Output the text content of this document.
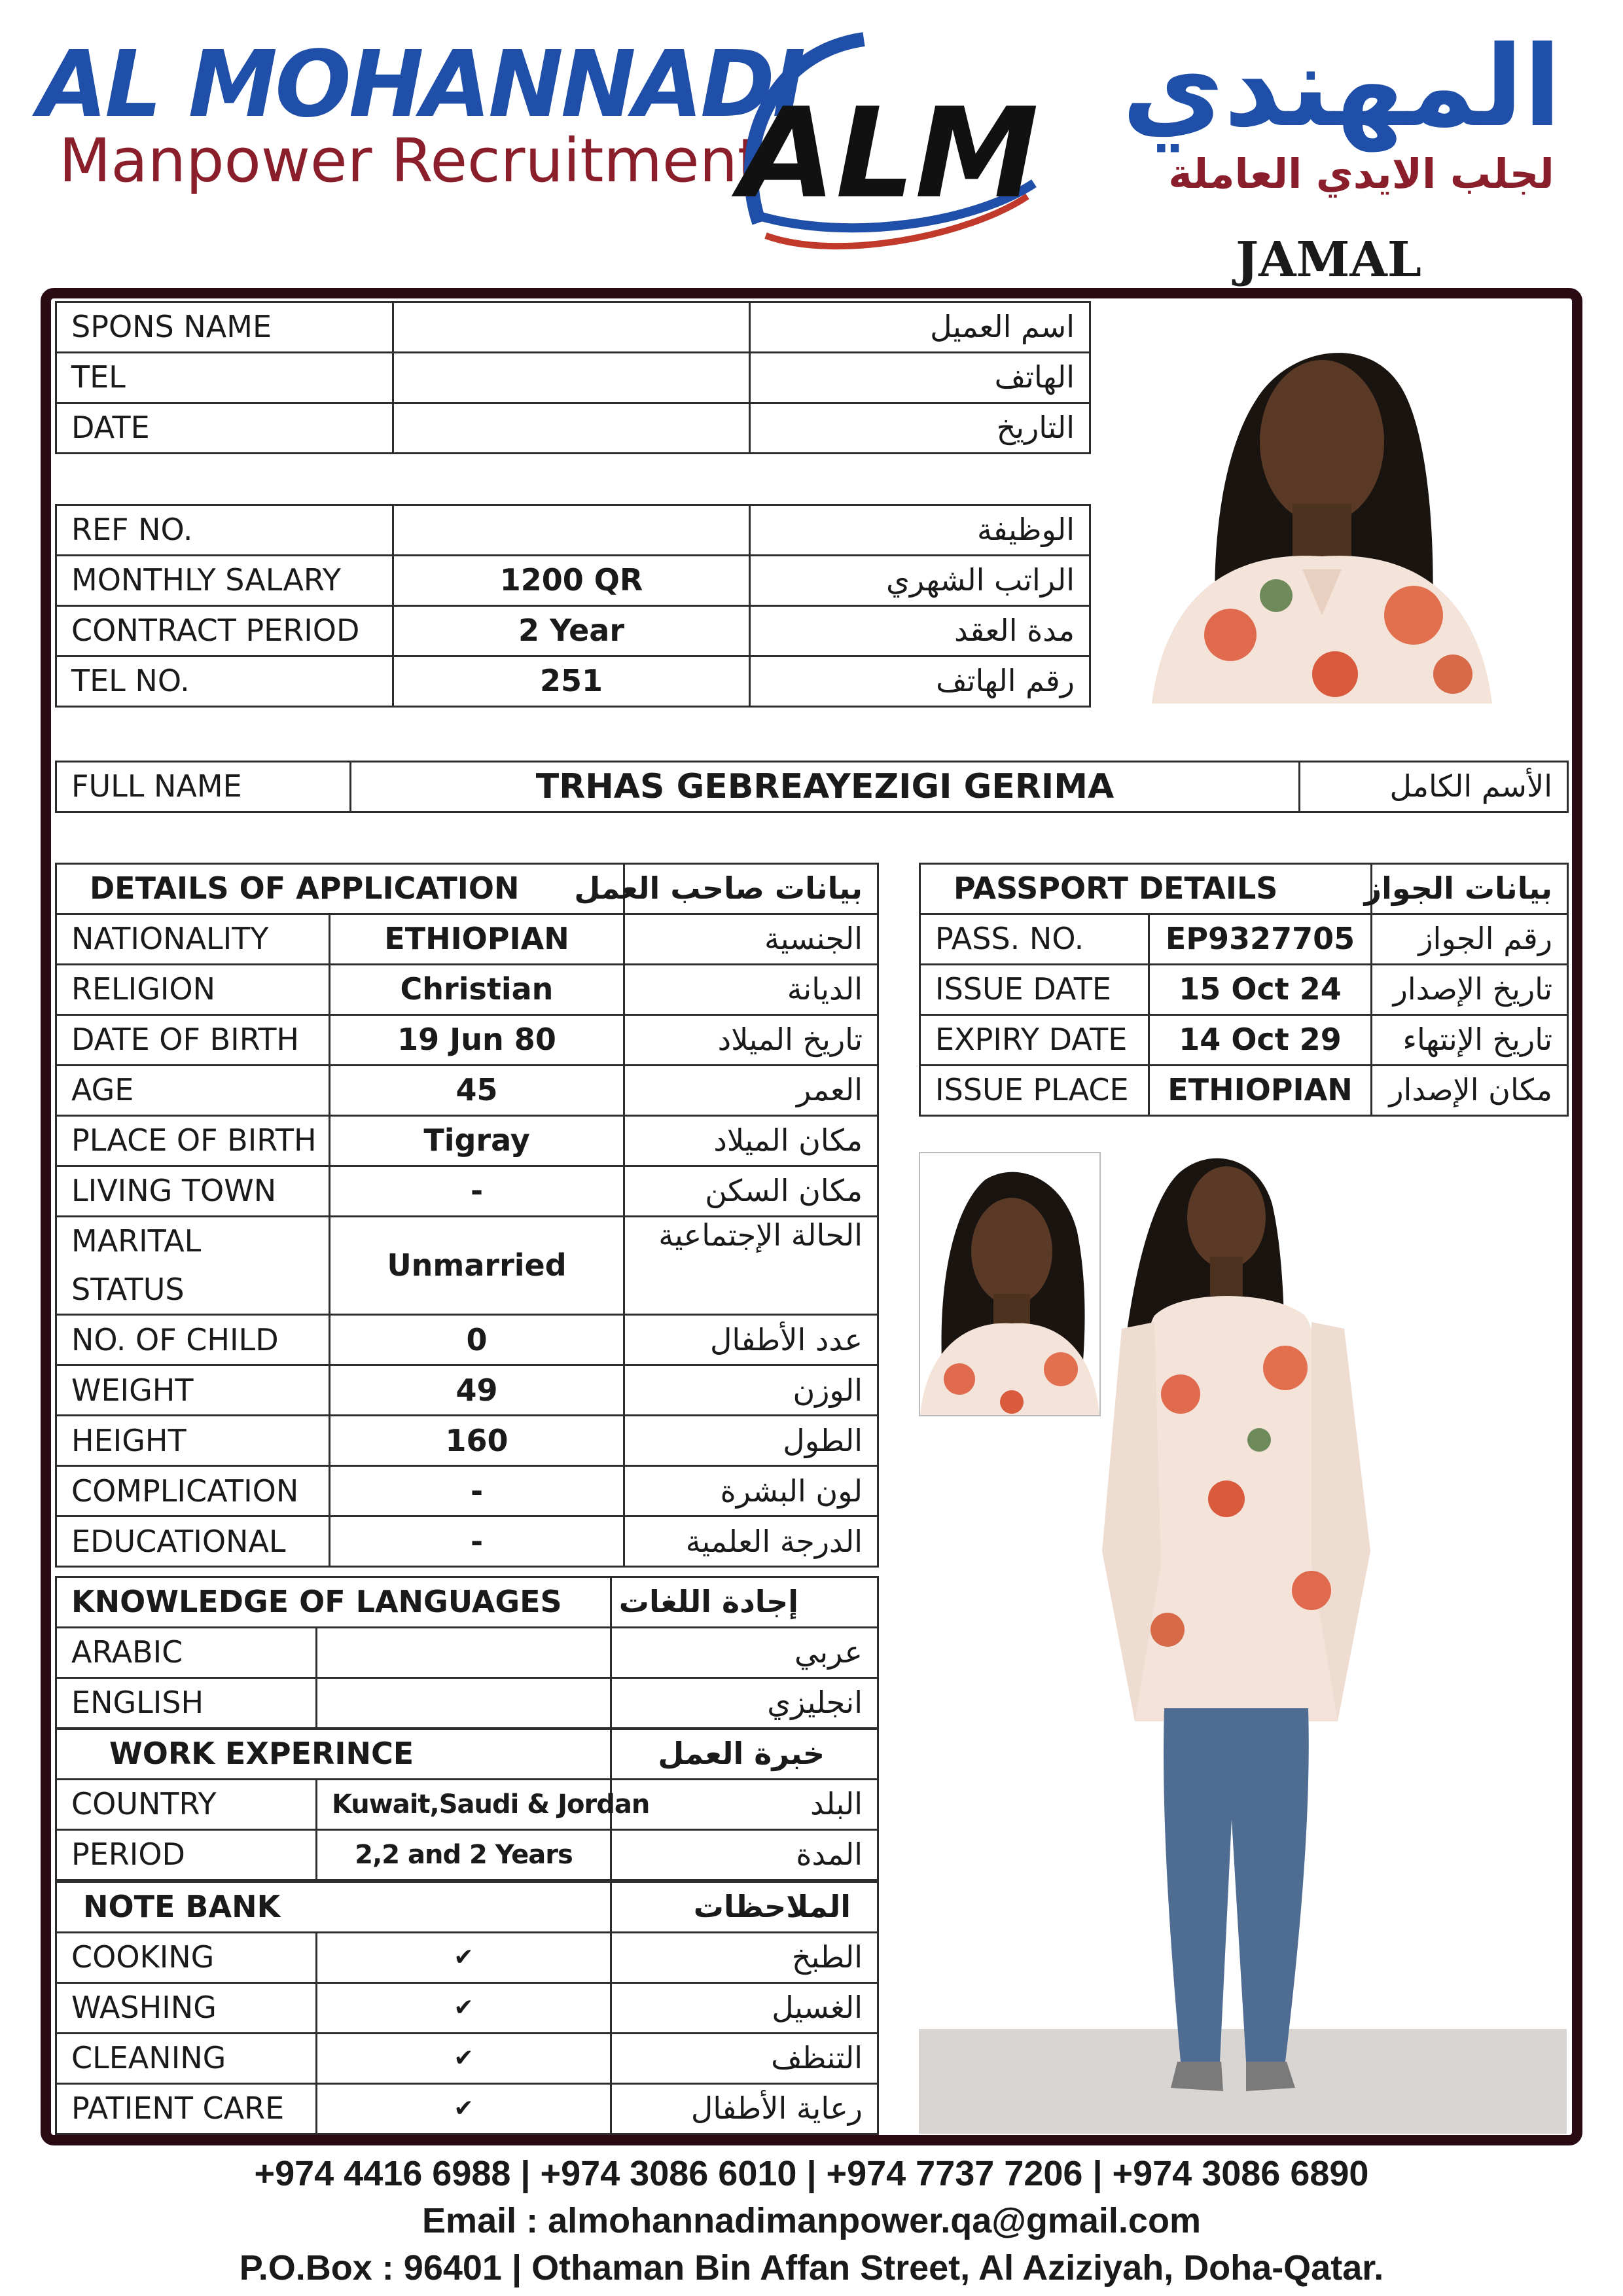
AL MOHANNADI
Manpower Recruitment
ALM المهندي
لجلب الايدي العاملة
JAMAL
SPONS NAME		اسم العميل
TEL		الهاتف
DATE		التاريخ
REF NO.		الوظيفة
MONTHLY SALARY	1200 QR	الراتب الشهري
CONTRACT PERIOD	2 Year	مدة العقد
TEL NO.	251	رقم الهاتف
FULL NAME	TRHAS GEBREAYEZIGI GERIMA	الأسم الكامل
DETAILS OF APPLICATION		بيانات صاحب العمل
NATIONALITY	ETHIOPIAN	الجنسية
RELIGION	Christian	الديانة
DATE OF BIRTH	19 Jun 80	تاريخ الميلاد
AGE	45	العمر
PLACE OF BIRTH	Tigray	مكان الميلاد
LIVING TOWN	-	مكان السكن
MARITAL STATUS	Unmarried	الحالة الإجتماعية
NO. OF CHILD	0	عدد الأطفال
WEIGHT	49	الوزن
HEIGHT	160	الطول
COMPLICATION	-	لون البشرة
EDUCATIONAL	-	الدرجة العلمية
KNOWLEDGE OF LANGUAGES		إجادة اللغات
ARABIC		عربي
ENGLISH		انجليزي
WORK EXPERINCE		خبرة العمل
COUNTRY	Kuwait,Saudi & Jordan	البلد
PERIOD	2,2 and 2 Years	المدة
NOTE BANK		الملاحظات
COOKING	✔	الطبخ
WASHING	✔	الغسيل
CLEANING	✔	التنظف
PATIENT CARE	✔	رعاية الأطفال
PASSPORT DETAILS		بيانات الجواز
PASS. NO.	EP9327705	رقم الجواز
ISSUE DATE	15 Oct 24	تاريخ الإصدار
EXPIRY DATE	14 Oct 29	تاريخ الإنتهاء
ISSUE PLACE	ETHIOPIAN	مكان الإصدار
+974 4416 6988 | +974 3086 6010 | +974 7737 7206 | +974 3086 6890
Email : almohannadimanpower.qa@gmail.com
P.O.Box : 96401 | Othaman Bin Affan Street, Al Aziziyah, Doha-Qatar.
